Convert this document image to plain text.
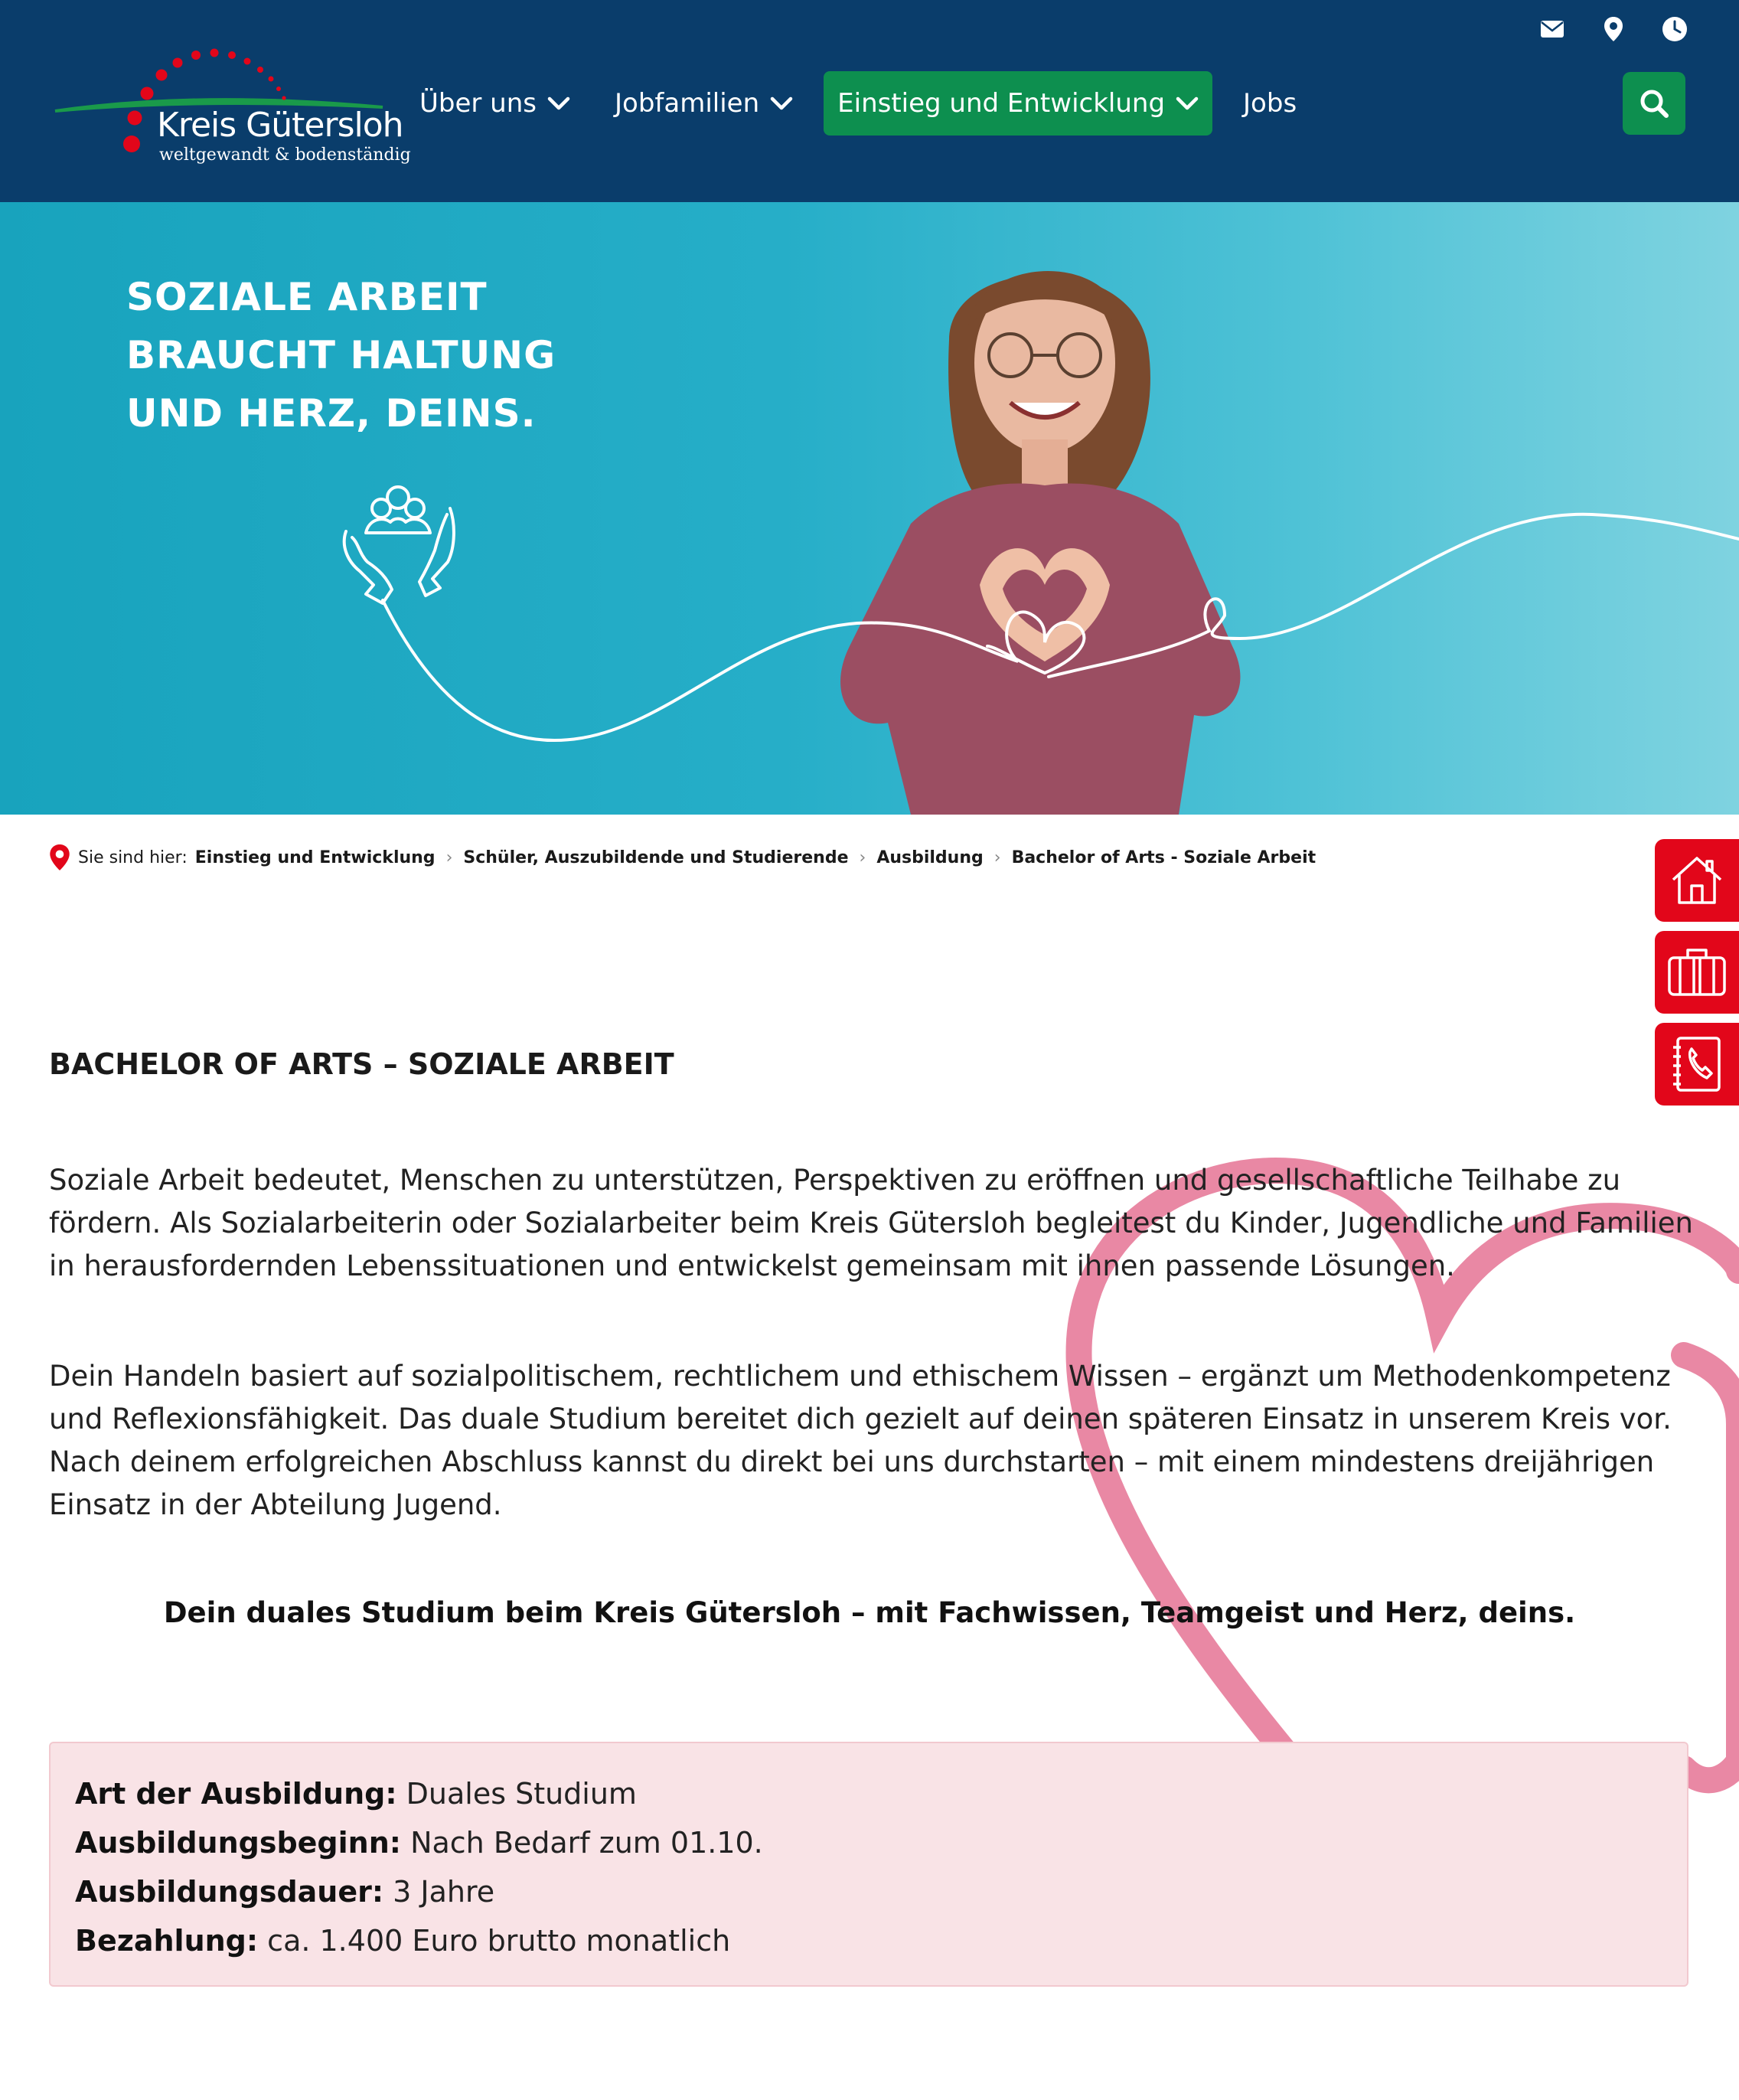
Kreis Gütersloh
weltgewandt & bodenständig
Über uns	Jobfamilien	Einstieg und Entwicklung	Jobs
SOZIALE ARBEIT
BRAUCHT HALTUNG
UND HERZ, DEINS.
Sie sind hier: Einstieg und Entwicklung › Schüler, Auszubildende und Studierende › Ausbildung › Bachelor of Arts - Soziale Arbeit
BACHELOR OF ARTS – SOZIALE ARBEIT

Soziale Arbeit bedeutet, Menschen zu unterstützen, Perspektiven zu eröffnen und gesellschaftliche Teilhabe zu fördern. Als Sozialarbeiterin oder Sozialarbeiter beim Kreis Gütersloh begleitest du Kinder, Jugendliche und Familien in herausfordernden Lebenssituationen und entwickelst gemeinsam mit ihnen passende Lösungen.

Dein Handeln basiert auf sozialpolitischem, rechtlichem und ethischem Wissen – ergänzt um Methodenkompetenz und Reflexionsfähigkeit. Das duale Studium bereitet dich gezielt auf deinen späteren Einsatz in unserem Kreis vor. Nach deinem erfolgreichen Abschluss kannst du direkt bei uns durchstarten – mit einem mindestens dreijährigen Einsatz in der Abteilung Jugend.

Dein duales Studium beim Kreis Gütersloh – mit Fachwissen, Teamgeist und Herz, deins.
Art der Ausbildung: Duales Studium
Ausbildungsbeginn: Nach Bedarf zum 01.10.
Ausbildungsdauer: 3 Jahre
Bezahlung: ca. 1.400 Euro brutto monatlich
